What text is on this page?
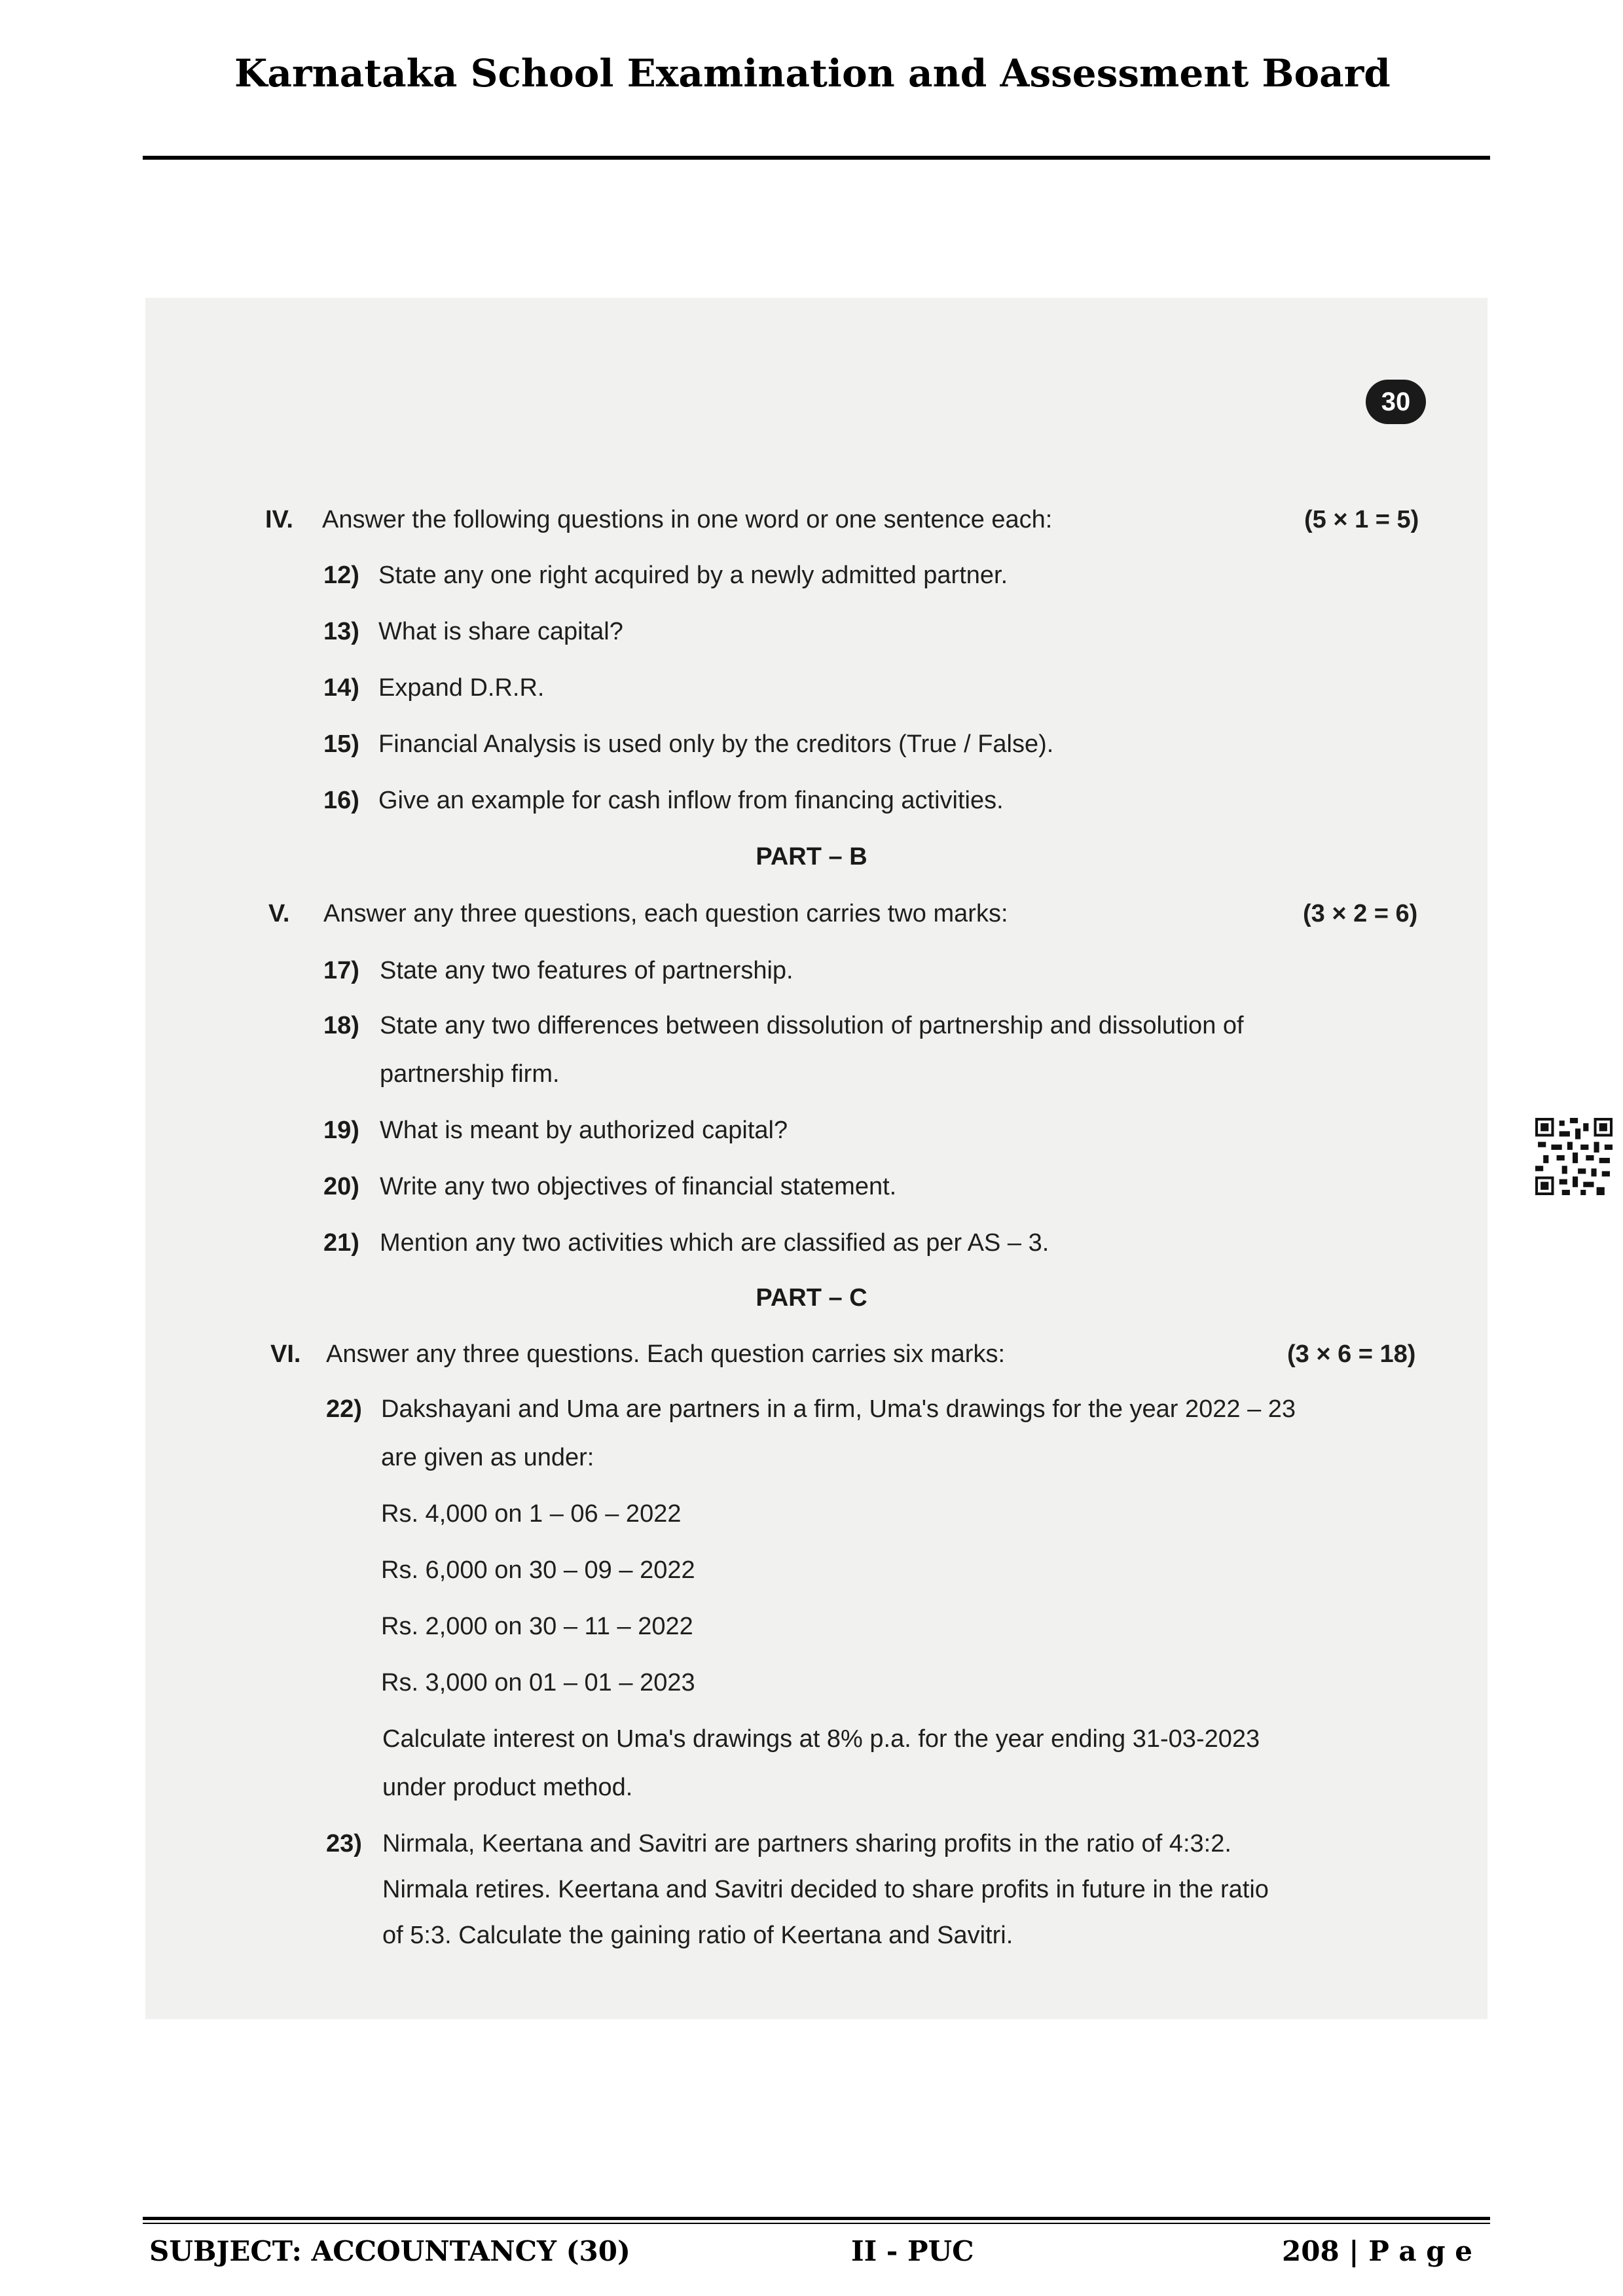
Karnataka School Examination and Assessment Board
30
IV. Answer the following questions in one word or one sentence each:	(5 × 1 = 5)
12) State any one right acquired by a newly admitted partner.
13) What is share capital?
14) Expand D.R.R.
15) Financial Analysis is used only by the creditors (True / False).
16) Give an example for cash inflow from financing activities.
PART – B
V. Answer any three questions, each question carries two marks:	(3 × 2 = 6)
17) State any two features of partnership.
18) State any two differences between dissolution of partnership and dissolution of
partnership firm.
19) What is meant by authorized capital?
20) Write any two objectives of financial statement.
21) Mention any two activities which are classified as per AS – 3.
PART – C
VI. Answer any three questions. Each question carries six marks:	(3 × 6 = 18)
22) Dakshayani and Uma are partners in a firm, Uma's drawings for the year 2022 – 23
are given as under:
Rs. 4,000 on 1 – 06 – 2022
Rs. 6,000 on 30 – 09 – 2022
Rs. 2,000 on 30 – 11 – 2022
Rs. 3,000 on 01 – 01 – 2023
Calculate interest on Uma's drawings at 8% p.a. for the year ending 31-03-2023
under product method.
23) Nirmala, Keertana and Savitri are partners sharing profits in the ratio of 4:3:2.
Nirmala retires. Keertana and Savitri decided to share profits in future in the ratio
of 5:3. Calculate the gaining ratio of Keertana and Savitri.
SUBJECT: ACCOUNTANCY (30)	II - PUC	208 | P a g e
